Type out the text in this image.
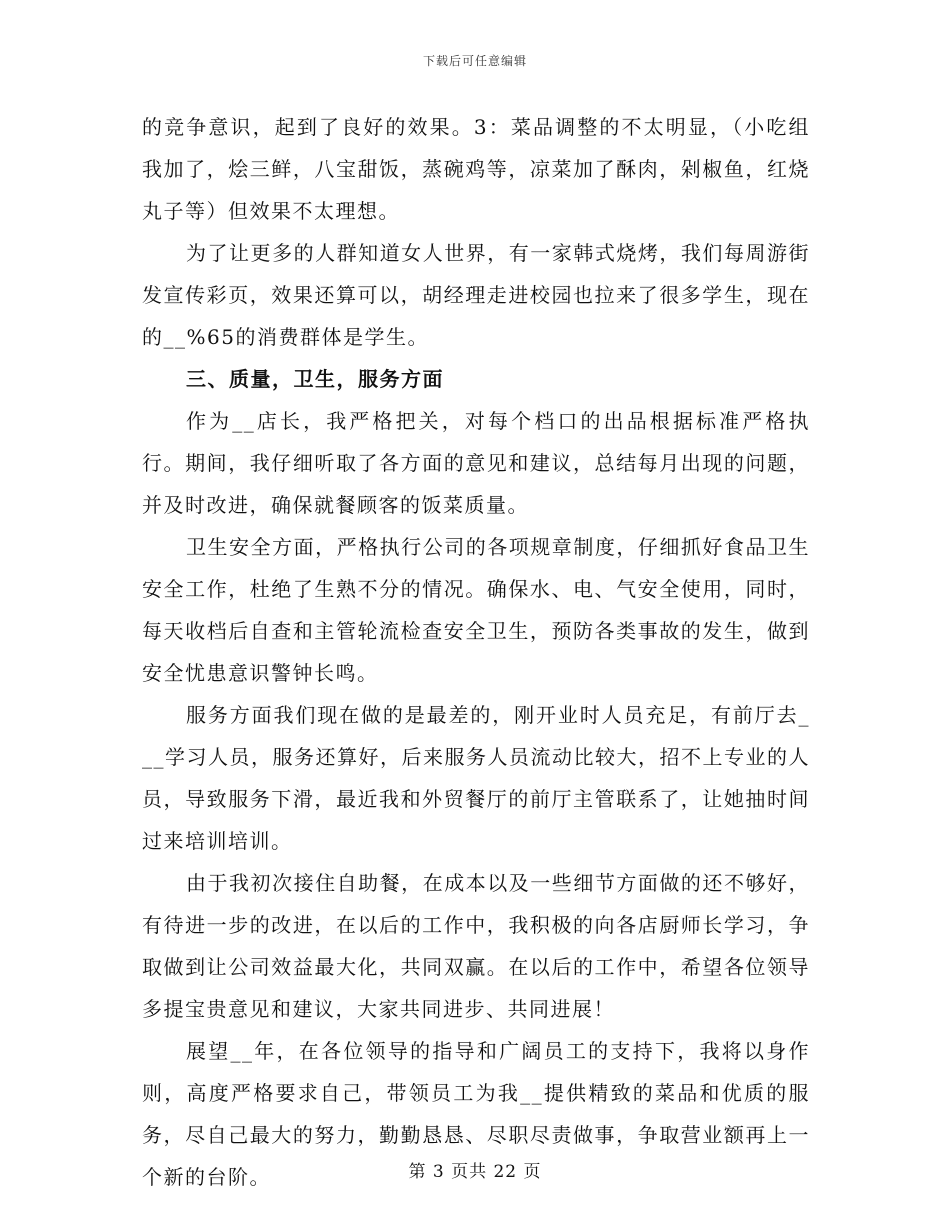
下载后可任意编辑

的竞争意识，起到了良好的效果。3：菜品调整的不太明显，（小吃组我加了，烩三鲜，八宝甜饭，蒸碗鸡等，凉菜加了酥肉，剁椒鱼，红烧丸子等）但效果不太理想。

为了让更多的人群知道女人世界，有一家韩式烧烤，我们每周游街发宣传彩页，效果还算可以，胡经理走进校园也拉来了很多学生，现在的__%65的消费群体是学生。

三、质量，卫生，服务方面

作为__店长，我严格把关，对每个档口的出品根据标准严格执行。期间，我仔细听取了各方面的意见和建议，总结每月出现的问题，并及时改进，确保就餐顾客的饭菜质量。

卫生安全方面，严格执行公司的各项规章制度，仔细抓好食品卫生安全工作，杜绝了生熟不分的情况。确保水、电、气安全使用，同时，每天收档后自查和主管轮流检查安全卫生，预防各类事故的发生，做到安全忧患意识警钟长鸣。

服务方面我们现在做的是最差的，刚开业时人员充足，有前厅去___学习人员，服务还算好，后来服务人员流动比较大，招不上专业的人员，导致服务下滑，最近我和外贸餐厅的前厅主管联系了，让她抽时间过来培训培训。

由于我初次接住自助餐，在成本以及一些细节方面做的还不够好，有待进一步的改进，在以后的工作中，我积极的向各店厨师长学习，争取做到让公司效益最大化，共同双赢。在以后的工作中，希望各位领导多提宝贵意见和建议，大家共同进步、共同进展！

展望__年，在各位领导的指导和广阔员工的支持下，我将以身作则，高度严格要求自己，带领员工为我__提供精致的菜品和优质的服务，尽自己最大的努力，勤勤恳恳、尽职尽责做事，争取营业额再上一个新的台阶。	第 3 页共 22 页
